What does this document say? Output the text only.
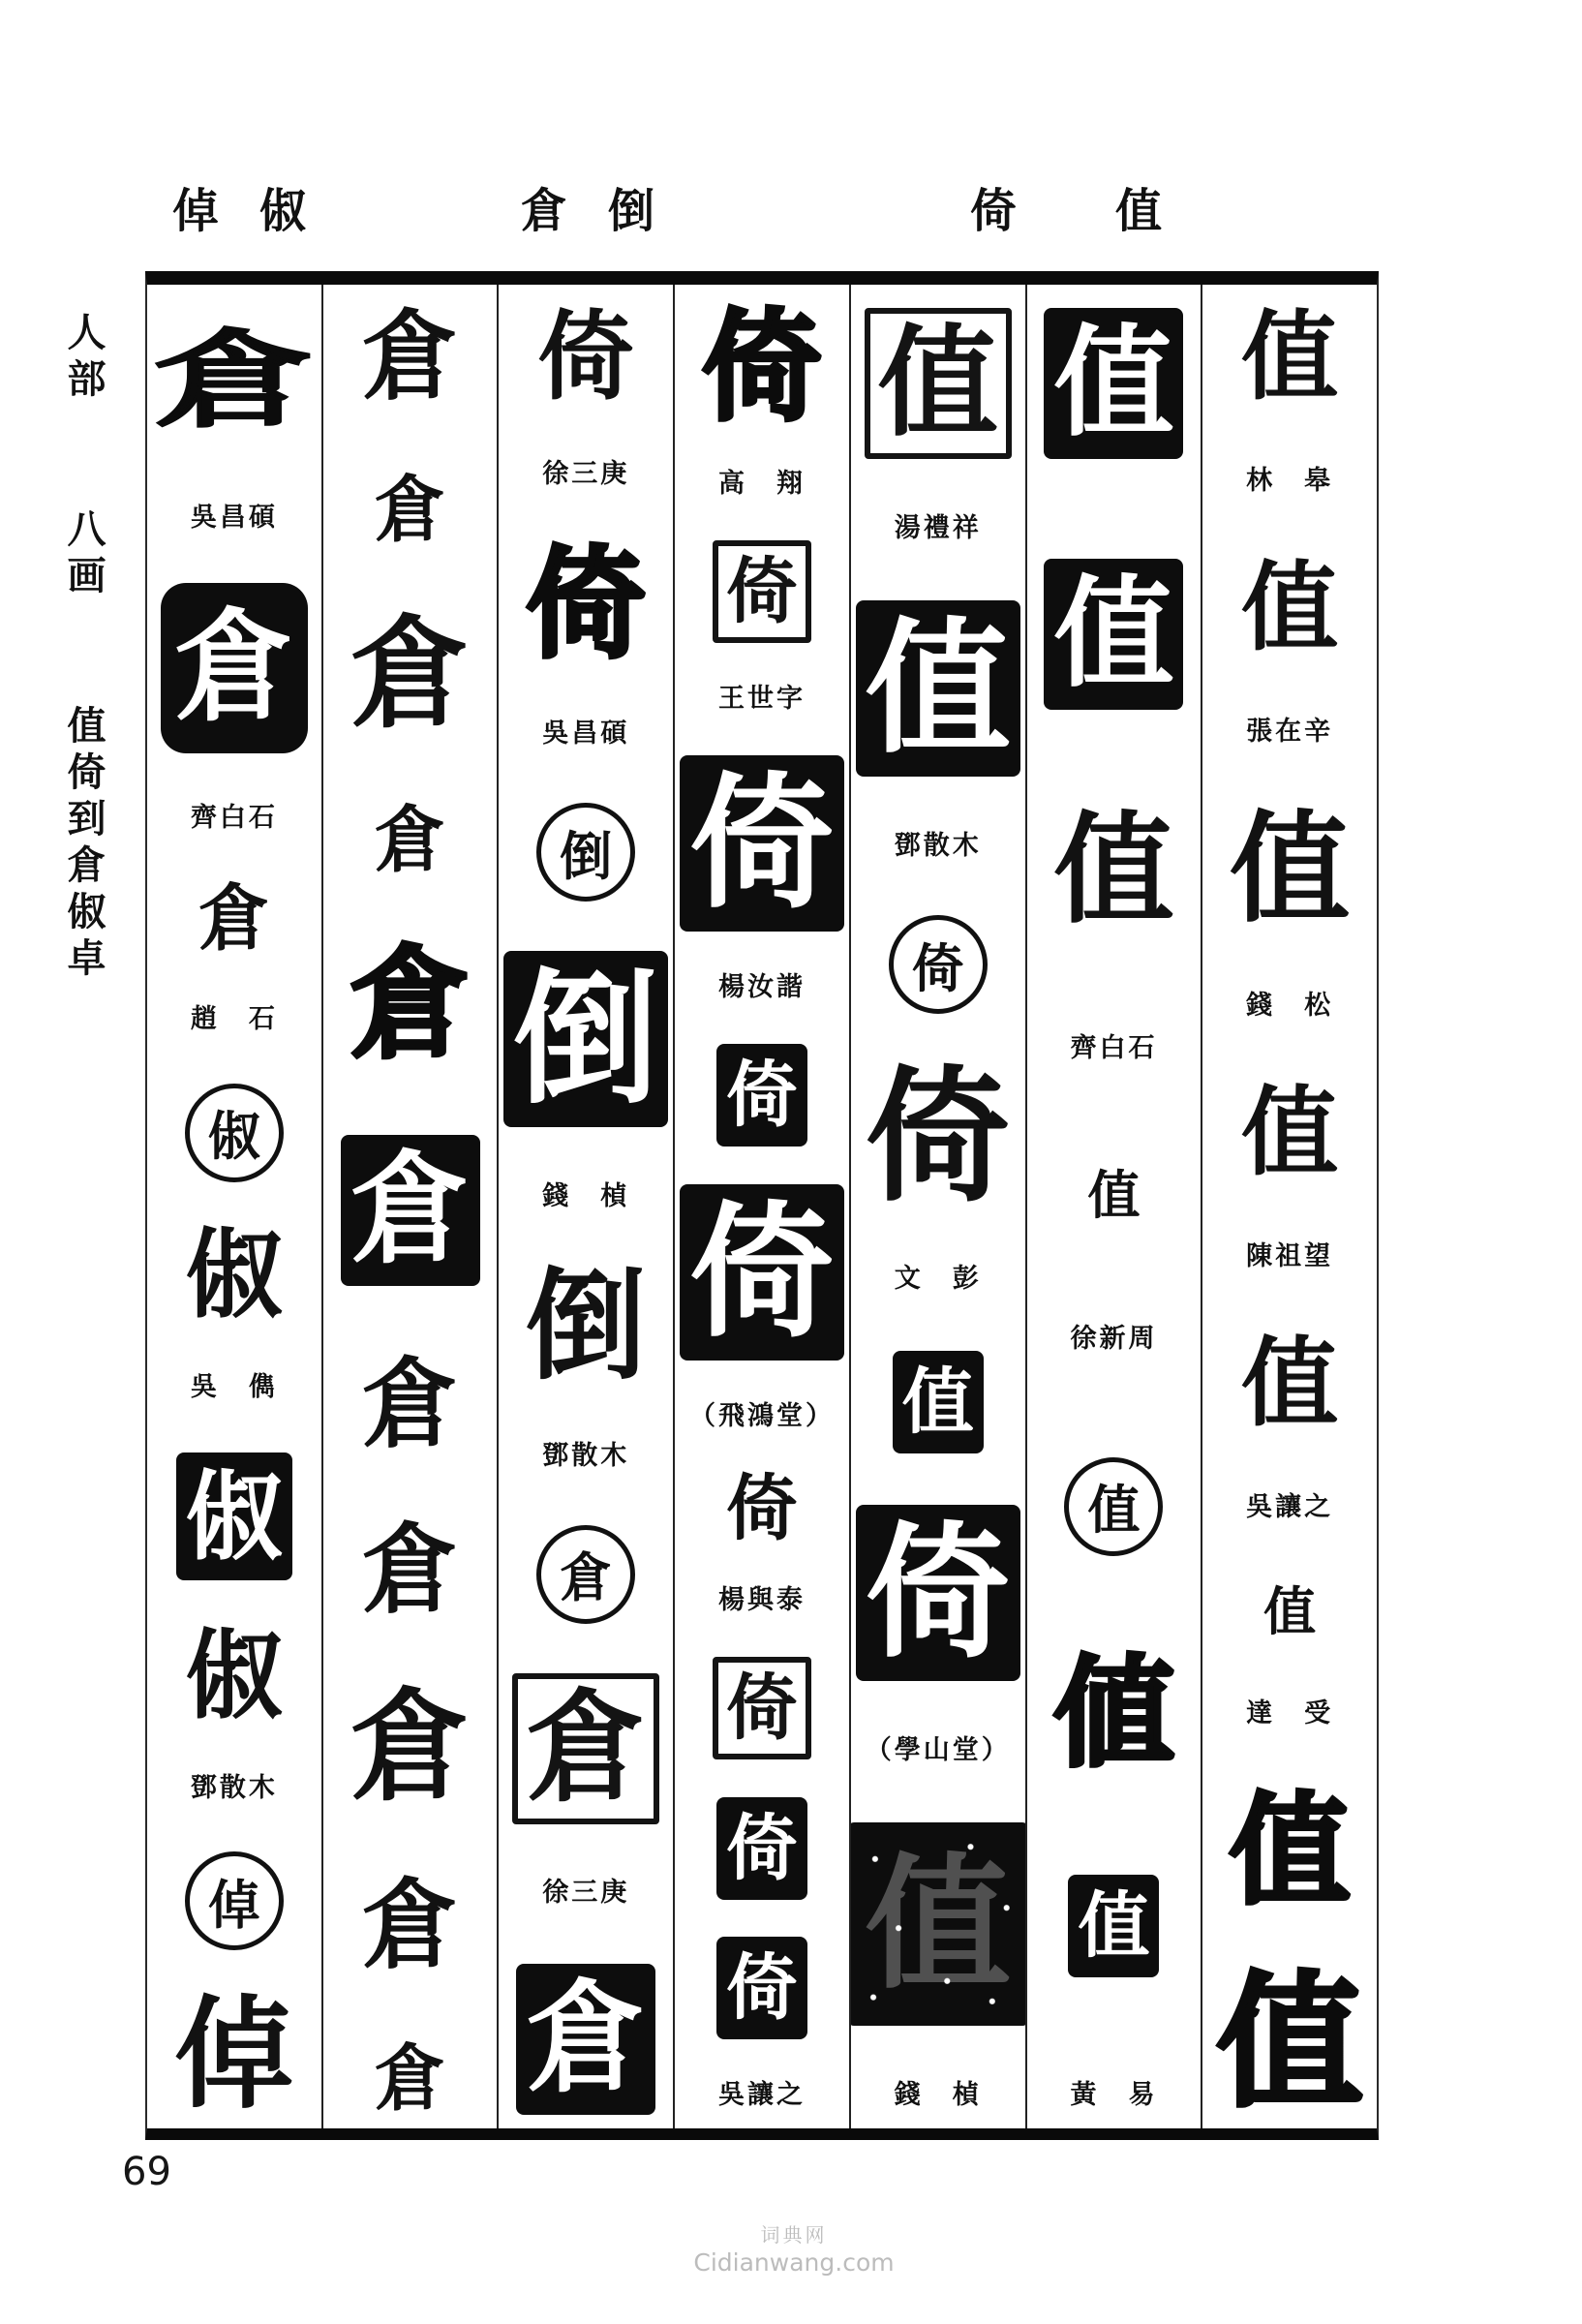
倬 俶	倉 倒	倚 值
人部 八画 值倚到倉俶卓
倉
吳昌碩
倉
齊白石
倉
趙　石
俶
俶
吳　儁
俶
俶
鄧散木
倬
倬
倉
倉
倉
倉
倉
倉
倉
倉
倉
倉
倉
倚
徐三庚
倚
吳昌碩
倒
倒
錢　楨
倒
鄧散木
倉
倉
徐三庚
倉
倚
高　翔
倚
王世字
倚
楊汝諧
倚
倚
（飛鴻堂）
倚
楊與泰
倚
倚
倚
吳讓之
值
湯禮祥
值
鄧散木
倚
倚
文　彭
值
倚
（學山堂）
值
錢　楨
值
值
值
齊白石
值
徐新周
值
値
值
黃　易
值
林　皋
值
張在辛
值
錢　松
值
陳祖望
值
吳讓之
值
達　受
值
值
69
词典网
Cidianwang.com
